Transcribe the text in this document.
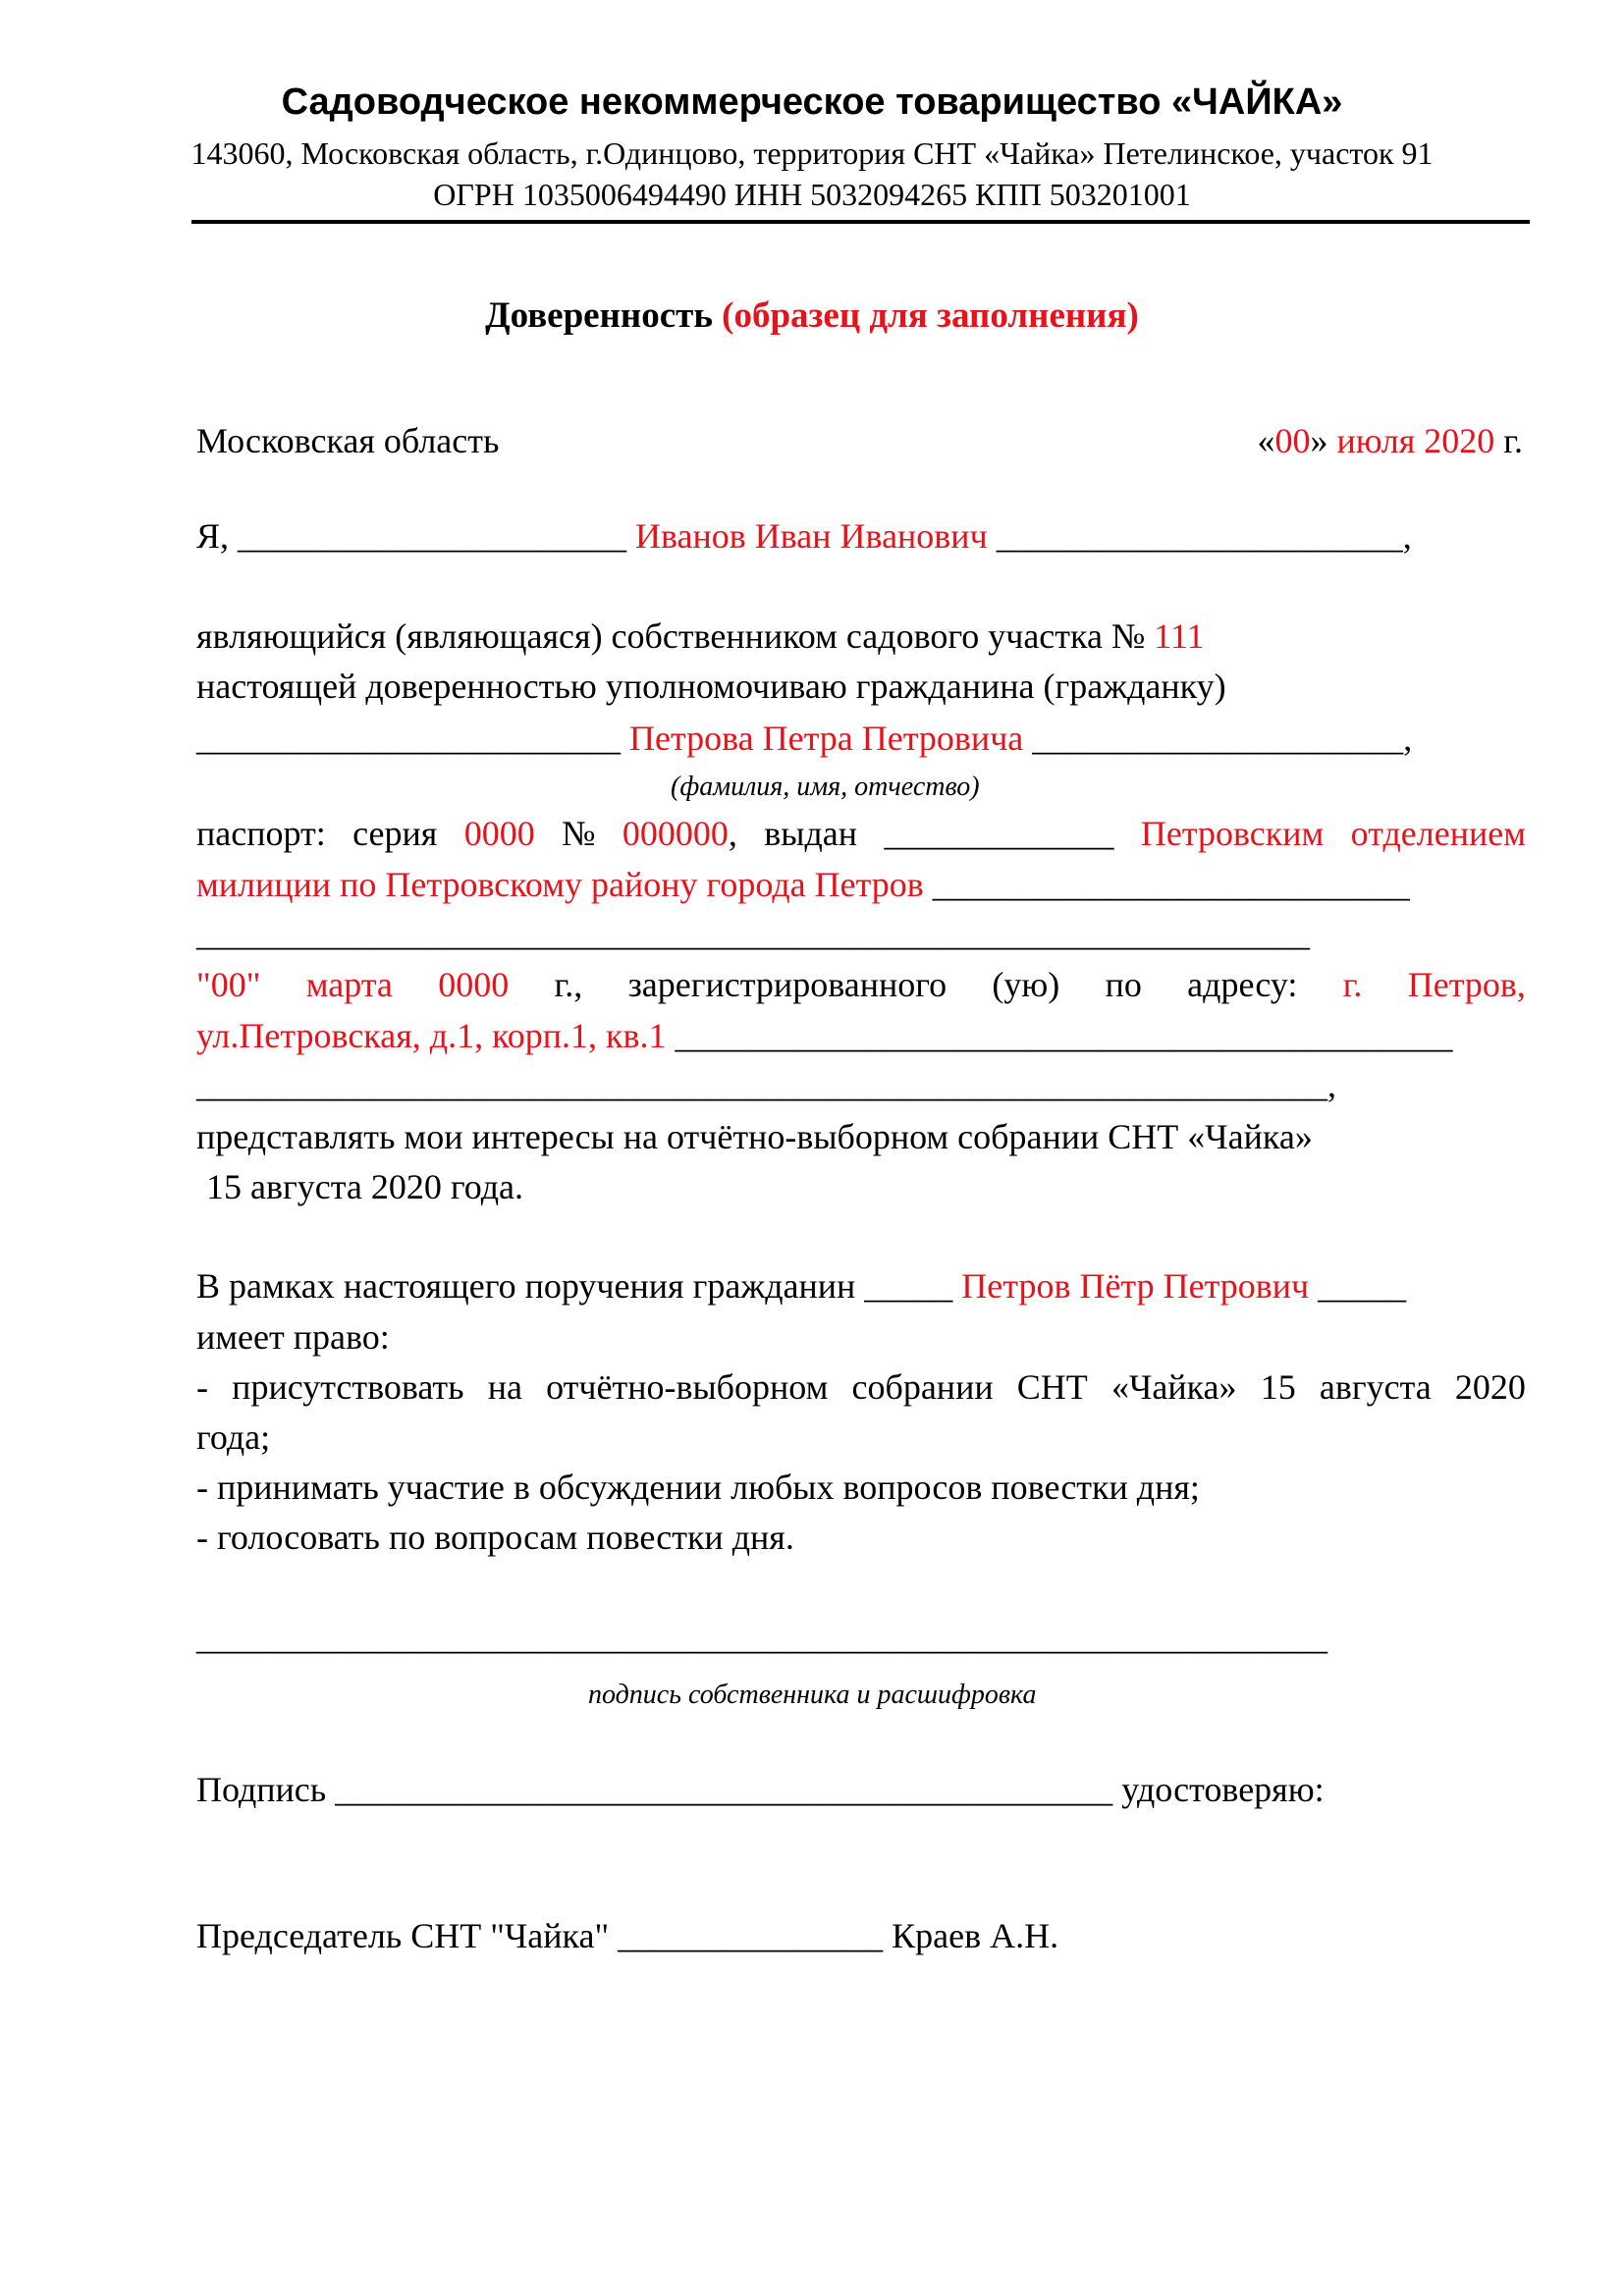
Садоводческое некоммерческое товарищество «ЧАЙКА»
143060, Московская область, г.Одинцово, территория СНТ «Чайка» Петелинское, участок 91
ОГРН 1035006494490 ИНН 5032094265 КПП 503201001
Доверенность (образец для заполнения)
Московская область	«00» июля 2020 г.
Я, ______________________ Иванов Иван Иванович _______________________,
являющийся (являющаяся) собственником садового участка № 111
настоящей доверенностью уполномочиваю гражданина (гражданку)
________________________ Петрова Петра Петровича _____________________,
(фамилия, имя, отчество)
паспорт: серия 0000 № 000000, выдан _____________ Петровским отделением
милиции по Петровскому району города Петров ___________________________
_______________________________________________________________
"00" марта 0000 г., зарегистрированного (ую) по адресу: г. Петров,
ул.Петровская, д.1, корп.1, кв.1 ____________________________________________
________________________________________________________________,
представлять мои интересы на отчётно-выборном собрании СНТ «Чайка»
15 августа 2020 года.
В рамках настоящего поручения гражданин _____ Петров Пётр Петрович _____
имеет право:
- присутствовать на отчётно-выборном собрании СНТ «Чайка» 15 августа 2020
года;
- принимать участие в обсуждении любых вопросов повестки дня;
- голосовать по вопросам повестки дня.
________________________________________________________________
подпись собственника и расшифровка
Подпись ____________________________________________ удостоверяю:
Председатель СНТ "Чайка" _______________ Краев А.Н.
